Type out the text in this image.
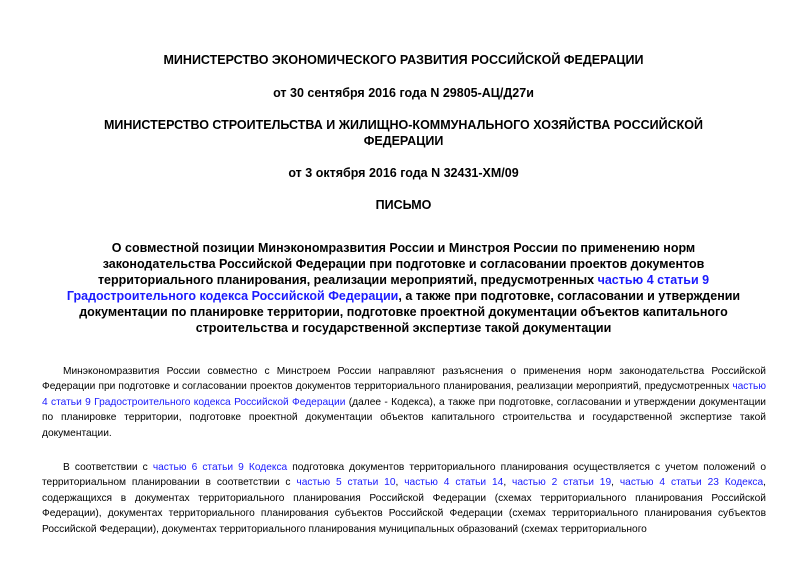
МИНИСТЕРСТВО ЭКОНОМИЧЕСКОГО РАЗВИТИЯ РОССИЙСКОЙ ФЕДЕРАЦИИ

от 30 сентября 2016 года N 29805-АЦ/Д27и

МИНИСТЕРСТВО СТРОИТЕЛЬСТВА И ЖИЛИЩНО-КОММУНАЛЬНОГО ХОЗЯЙСТВА РОССИЙСКОЙ

ФЕДЕРАЦИИ

от 3 октября 2016 года N 32431-ХМ/09

ПИСЬМО

О совместной позиции Минэкономразвития России и Минстроя России по применению норм

законодательства Российской Федерации при подготовке и согласовании проектов документов

территориального планирования, реализации мероприятий, предусмотренных частью 4 статьи 9

Градостроительного кодекса Российской Федерации, а также при подготовке, согласовании и утверждении

документации по планировке территории, подготовке проектной документации объектов капитального

строительства и государственной экспертизе такой документации

Минэкономразвития России совместно с Минстроем России направляют разъяснения о применения норм законодательства Российской Федерации при подготовке и согласовании проектов документов территориального планирования, реализации мероприятий, предусмотренных частью 4 статьи 9 Градостроительного кодекса Российской Федерации (далее - Кодекса), а также при подготовке, согласовании и утверждении документации по планировке территории, подготовке проектной документации объектов капитального строительства и государственной экспертизе такой документации.

В соответствии с частью 6 статьи 9 Кодекса подготовка документов территориального планирования осуществляется с учетом положений о территориальном планировании в соответствии с частью 5 статьи 10, частью 4 статьи 14, частью 2 статьи 19, частью 4 статьи 23 Кодекса, содержащихся в документах территориального планирования Российской Федерации (схемах территориального планирования Российской Федерации), документах территориального планирования субъектов Российской Федерации (схемах территориального планирования субъектов Российской Федерации), документах территориального планирования муниципальных образований (схемах территориального
